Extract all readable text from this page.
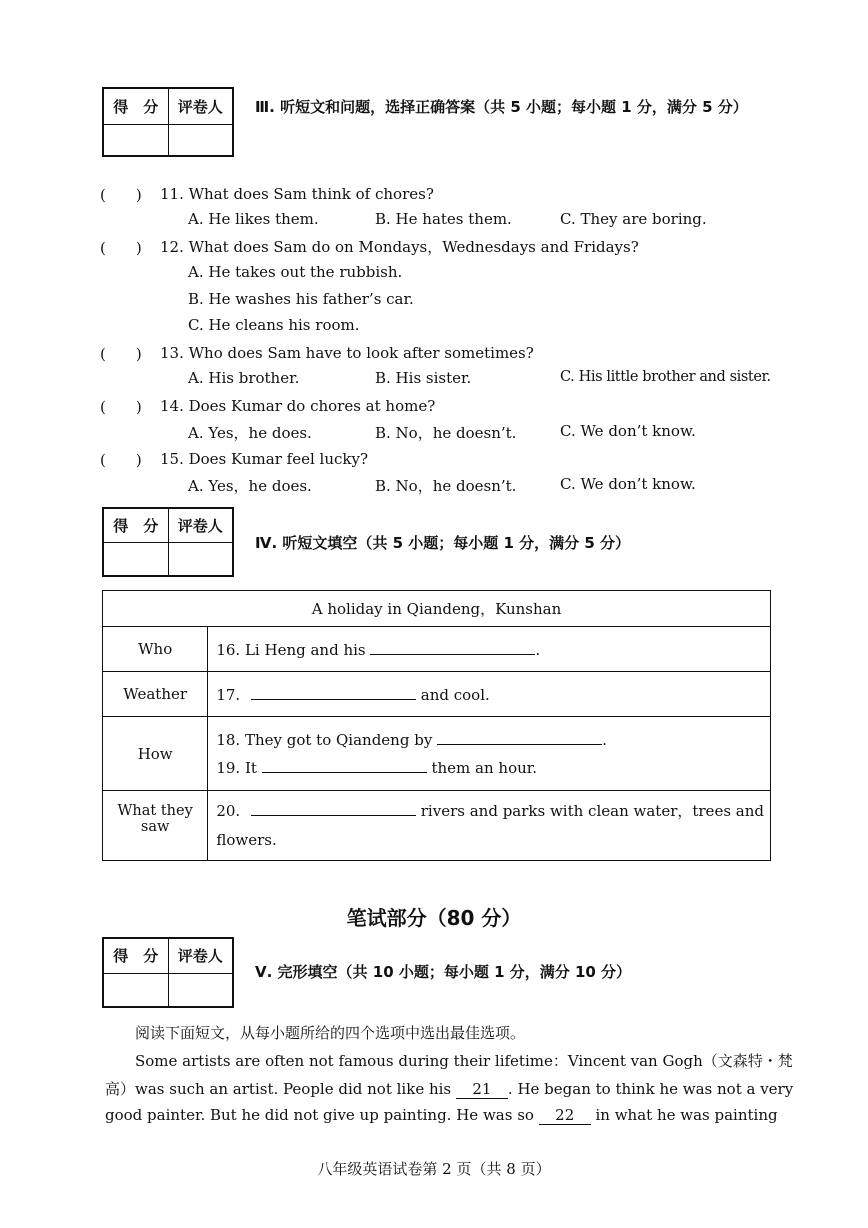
得　分	评卷人
	Ⅲ. 听短文和问题，选择正确答案（共 5 小题；每小题 1 分，满分 5 分）
(　　) 11. What does Sam think of chores?
A. He likes them.	B. He hates them.	C. They are boring.
(　　) 12. What does Sam do on Mondays，Wednesdays and Fridays?
A. He takes out the rubbish.
B. He washes his father’s car.
C. He cleans his room.
(　　) 13. Who does Sam have to look after sometimes?
A. His brother.	B. His sister.	C. His little brother and sister.
(　　) 14. Does Kumar do chores at home?
A. Yes，he does.	B. No，he doesn’t.	C. We don’t know.
(　　) 15. Does Kumar feel lucky?
A. Yes，he does.	B. No，he doesn’t.	C. We don’t know.
得　分	评卷人

Ⅳ. 听短文填空（共 5 小题；每小题 1 分，满分 5 分）
A holiday in Qiandeng，Kunshan	
Who	16. Li Heng and his .
Weather	17. and cool.
How	18. They got to Qiandeng by .
19. It them an hour.

What they saw	20. rivers and parks with clean water，trees and
flowers.
笔试部分（80 分）
得　分	评卷人

Ⅴ. 完形填空（共 10 小题；每小题 1 分，满分 10 分）
阅读下面短文，从每小题所给的四个选项中选出最佳选项。
Some artists are often not famous during their lifetime：Vincent van Gogh（文森特・梵
高）was such an artist. People did not like his 21 . He began to think he was not a very
good painter. But he did not give up painting. He was so 22 in what he was painting
八年级英语试卷第 2 页（共 8 页）
